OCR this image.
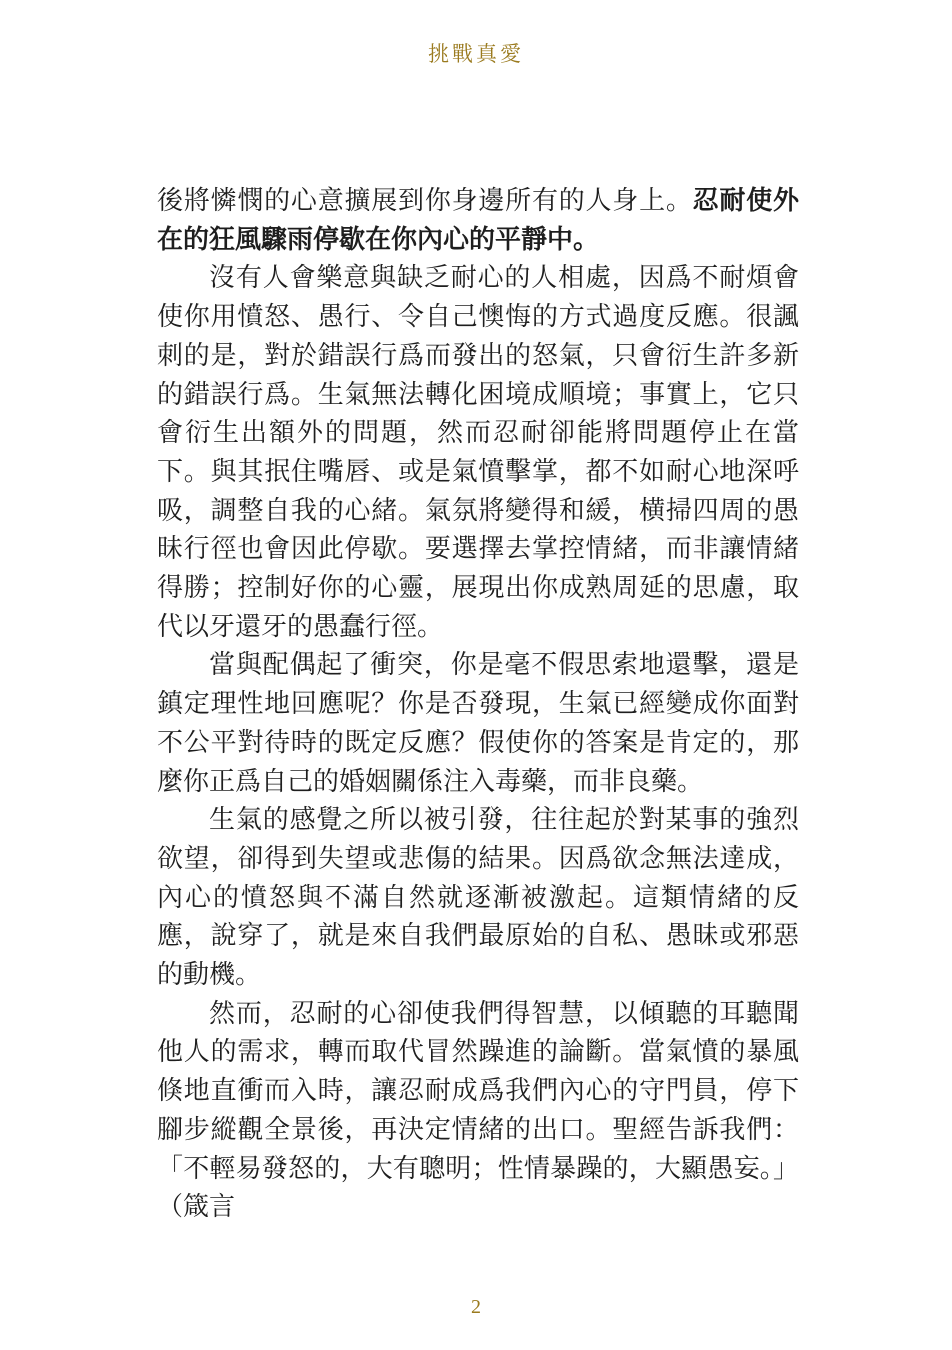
挑戰真愛

後將憐憫的心意擴展到你身邊所有的人身上。忍耐使外在的狂風驟雨停歇在你內心的平靜中。

沒有人會樂意與缺乏耐心的人相處，因爲不耐煩會使你用憤怒、愚行、令自己懊悔的方式過度反應。很諷刺的是，對於錯誤行爲而發出的怒氣，只會衍生許多新的錯誤行爲。生氣無法轉化困境成順境；事實上，它只會衍生出額外的問題，然而忍耐卻能將問題停止在當下。與其抿住嘴唇、或是氣憤擊掌，都不如耐心地深呼吸，調整自我的心緒。氣氛將變得和緩，横掃四周的愚昧行徑也會因此停歇。要選擇去掌控情緒，而非讓情緒得勝；控制好你的心靈，展現出你成熟周延的思慮，取代以牙還牙的愚蠢行徑。

當與配偶起了衝突，你是毫不假思索地還擊，還是鎮定理性地回應呢？你是否發現，生氣已經變成你面對不公平對待時的既定反應？假使你的答案是肯定的，那麼你正爲自己的婚姻關係注入毒藥，而非良藥。

生氣的感覺之所以被引發，往往起於對某事的強烈欲望，卻得到失望或悲傷的結果。因爲欲念無法達成，內心的憤怒與不滿自然就逐漸被激起。這類情緒的反應，說穿了，就是來自我們最原始的自私、愚昧或邪惡的動機。

然而，忍耐的心卻使我們得智慧，以傾聽的耳聽聞他人的需求，轉而取代冒然躁進的論斷。當氣憤的暴風倏地直衝而入時，讓忍耐成爲我們內心的守門員，停下腳步縱觀全景後，再決定情緒的出口。聖經告訴我們：「不輕易發怒的，大有聰明；性情暴躁的，大顯愚妄。」（箴言

2
